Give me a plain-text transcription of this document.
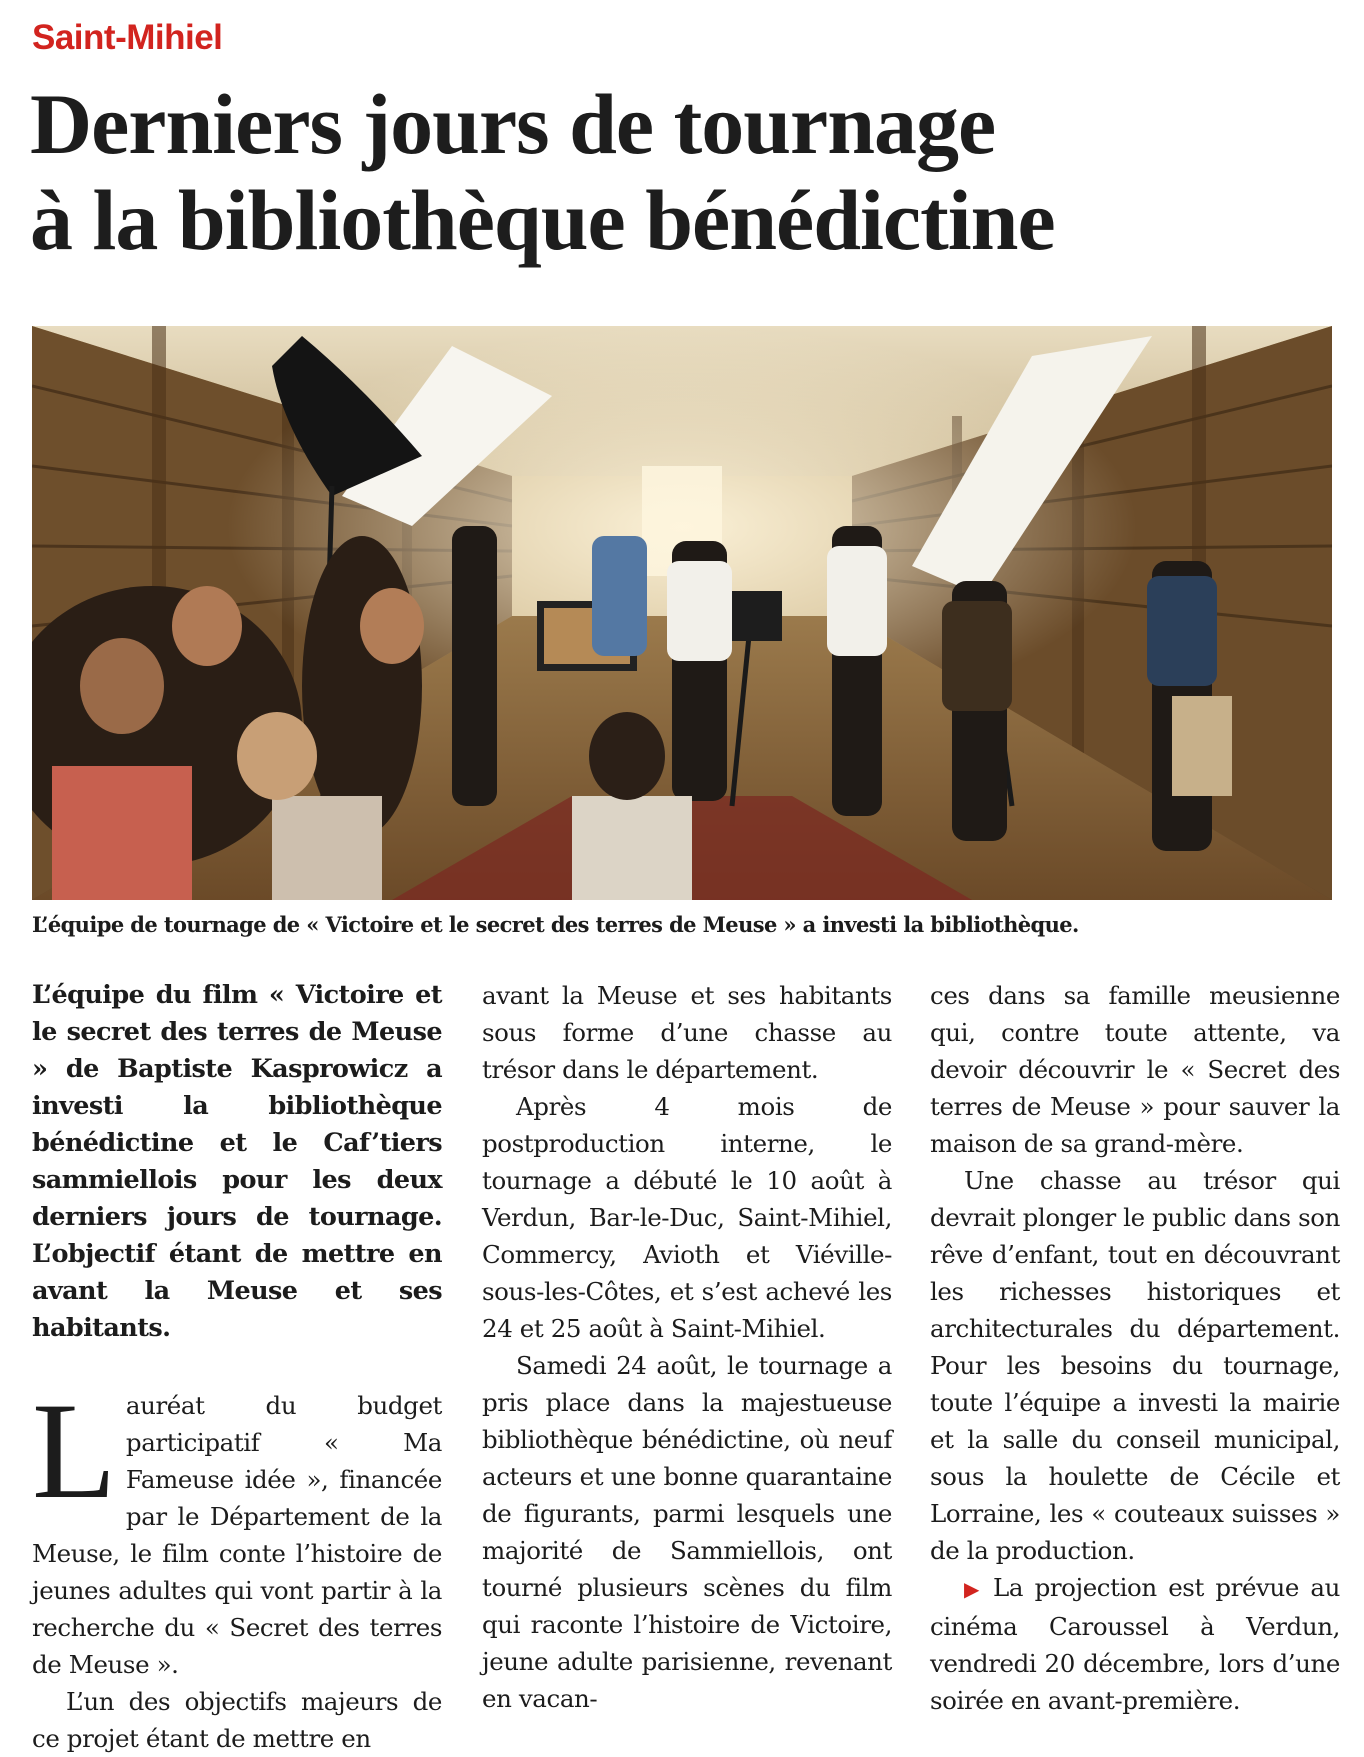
Saint-Mihiel
Derniers jours de tournage
à la bibliothèque bénédictine
L’équipe de tournage de « Victoire et le secret des terres de Meuse » a investi la bibliothèque.

L’équipe du film « Victoire et le secret des terres de Meuse » de Baptiste Kasprowicz a investi la bibliothèque bénédictine et le Caf’tiers sammiellois pour les deux derniers jours de tournage. L’objectif étant de mettre en avant la Meuse et ses habitants.

Lauréat du budget participatif « Ma Fameuse idée », financée par le Département de la Meuse, le film conte l’histoire de jeunes adultes qui vont partir à la recherche du « Secret des terres de Meuse ».

L’un des objectifs majeurs de ce projet étant de mettre en

avant la Meuse et ses habitants sous forme d’une chasse au trésor dans le département.

Après 4 mois de postproduction interne, le tournage a débuté le 10 août à Verdun, Bar-le-Duc, Saint-Mihiel, Commercy, Avioth et Viéville-sous-les-Côtes, et s’est achevé les 24 et 25 août à Saint-Mihiel.

Samedi 24 août, le tournage a pris place dans la majestueuse bibliothèque bénédictine, où neuf acteurs et une bonne quarantaine de figurants, parmi lesquels une majorité de Sammiellois, ont tourné plusieurs scènes du film qui raconte l’histoire de Victoire, jeune adulte parisienne, revenant en vacan-

ces dans sa famille meusienne qui, contre toute attente, va devoir découvrir le « Secret des terres de Meuse » pour sauver la maison de sa grand-mère.

Une chasse au trésor qui devrait plonger le public dans son rêve d’enfant, tout en découvrant les richesses historiques et architecturales du département. Pour les besoins du tournage, toute l’équipe a investi la mairie et la salle du conseil municipal, sous la houlette de Cécile et Lorraine, les « couteaux suisses » de la production.

▶ La projection est prévue au cinéma Caroussel à Verdun, vendredi 20 décembre, lors d’une soirée en avant-première.
